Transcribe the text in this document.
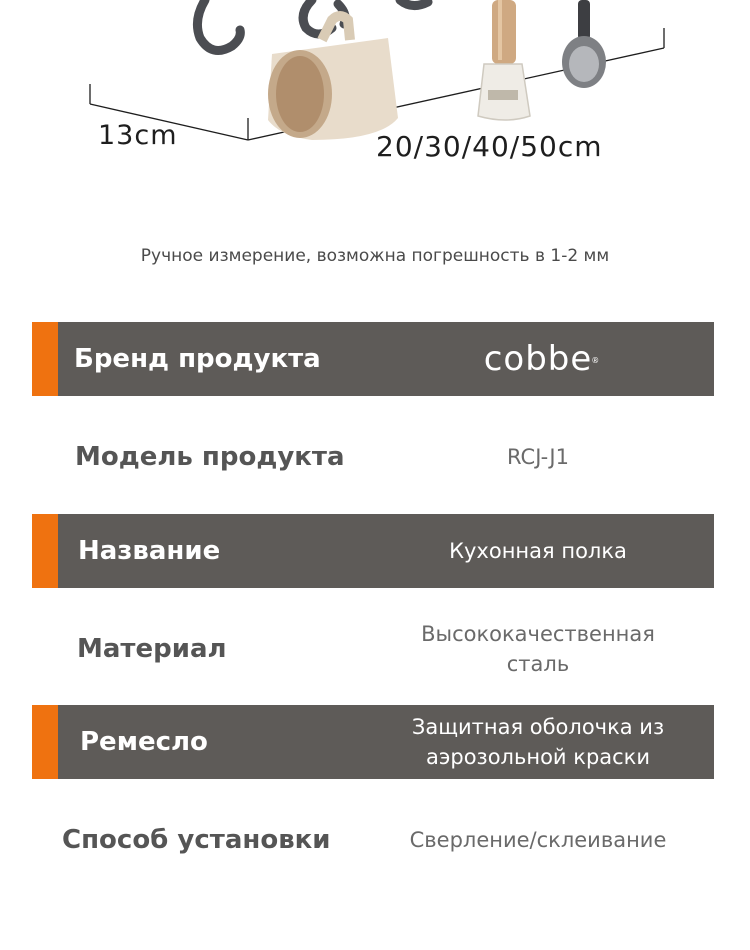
13cm	20/30/40/50cm
Ручное измерение, возможна погрешность в 1-2 мм
Бренд продукта	cobbe ®
Модель продукта	RCJ-J1
Название	Кухонная полка
Материал	Высококачественная сталь
Ремесло	Защитная оболочка из аэрозольной краски
Способ установки	Сверление/склеивание
